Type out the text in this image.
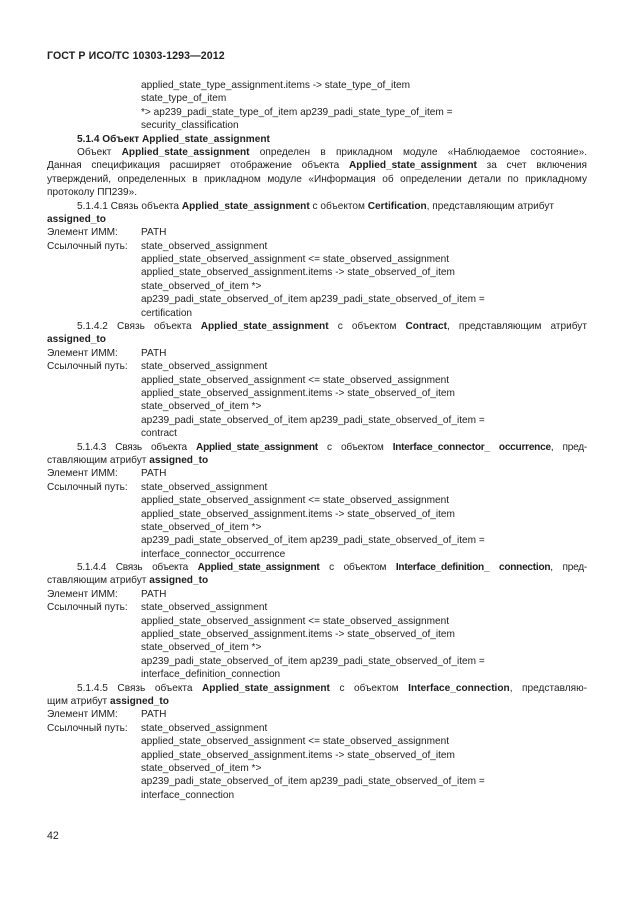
ГОСТ Р ИСО/ТС 10303-1293—2012
applied_state_type_assignment.items -> state_type_of_item
state_type_of_item
*> ap239_padi_state_type_of_item ap239_padi_state_type_of_item =
security_classification
5.1.4 Объект Applied_state_assignment
Объект Applied_state_assignment определен в прикладном модуле «Наблюдаемое состояние».
Данная спецификация расширяет отображение объекта Applied_state_assignment за счет включения
утверждений, определенных в прикладном модуле «Информация об определении детали по прикладному
протоколу ПП239».
5.1.4.1 Связь объекта Applied_state_assignment с объектом Certification, представляющим атрибут
assigned_to
Элемент ИММ: PATH
Ссылочный путь: state_observed_assignment
applied_state_observed_assignment <= state_observed_assignment
applied_state_observed_assignment.items -> state_observed_of_item
state_observed_of_item *>
ap239_padi_state_observed_of_item ap239_padi_state_observed_of_item =
certification
5.1.4.2 Связь объекта Applied_state_assignment с объектом Contract, представляющим атрибут
assigned_to
Элемент ИММ: PATH
Ссылочный путь: state_observed_assignment
applied_state_observed_assignment <= state_observed_assignment
applied_state_observed_assignment.items -> state_observed_of_item
state_observed_of_item *>
ap239_padi_state_observed_of_item ap239_padi_state_observed_of_item =
contract
5.1.4.3 Связь объекта Applied_state_assignment с объектом Interface_connector_ occurrence, пред-
ставляющим атрибут assigned_to
Элемент ИММ: PATH
Ссылочный путь: state_observed_assignment
applied_state_observed_assignment <= state_observed_assignment
applied_state_observed_assignment.items -> state_observed_of_item
state_observed_of_item *>
ap239_padi_state_observed_of_item ap239_padi_state_observed_of_item =
interface_connector_occurrence
5.1.4.4 Связь объекта Applied_state_assignment с объектом Interface_definition_ connection, пред-
ставляющим атрибут assigned_to
Элемент ИММ: PATH
Ссылочный путь: state_observed_assignment
applied_state_observed_assignment <= state_observed_assignment
applied_state_observed_assignment.items -> state_observed_of_item
state_observed_of_item *>
ap239_padi_state_observed_of_item ap239_padi_state_observed_of_item =
interface_definition_connection
5.1.4.5 Связь объекта Applied_state_assignment с объектом Interface_connection, представляю-
щим атрибут assigned_to
Элемент ИММ: PATH
Ссылочный путь: state_observed_assignment
applied_state_observed_assignment <= state_observed_assignment
applied_state_observed_assignment.items -> state_observed_of_item
state_observed_of_item *>
ap239_padi_state_observed_of_item ap239_padi_state_observed_of_item =
interface_connection
42
